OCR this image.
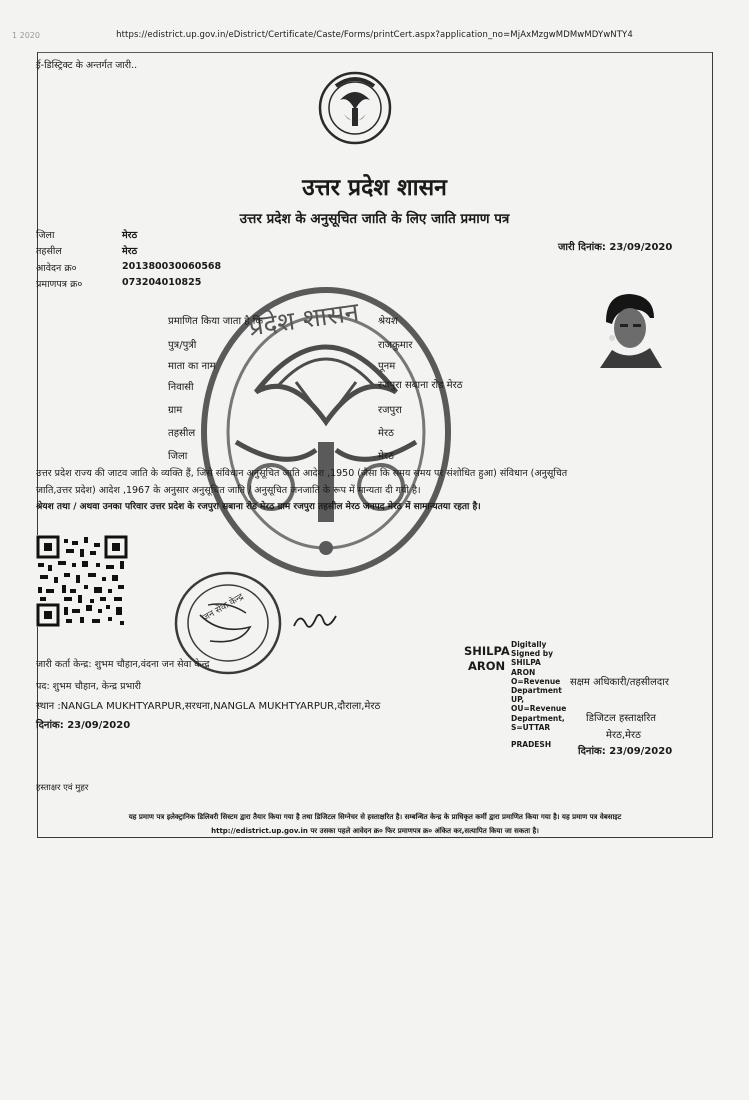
1 2020	https://edistrict.up.gov.in/eDistrict/Certificate/Caste/Forms/printCert.aspx?application_no=MjAxMzgwMDMwMDYwNTY4
ई-डिस्ट्रिक्ट के अन्तर्गत जारी..
उत्तर प्रदेश शासन
उत्तर प्रदेश के अनुसूचित जाति के लिए जाति प्रमाण पत्र
जिला	मेरठ
तहसील	मेरठ
आवेदन क्र०	201380030060568
प्रमाणपत्र क्र०	073204010825
जारी दिनांक: 23/09/2020
प्रदेश शासन
प्रमाणित किया जाता है कि	श्रेयश
पुत्र/पुत्री	राजकुमार
माता का नाम	पूनम
निवासी	रजपुरा सबाना रोड मेरठ
ग्राम	रजपुरा
तहसील	मेरठ
जिला	मेरठ
उत्तर प्रदेश राज्य की जाटव जाति के व्यक्ति हैं, जिसे संविधान अनुसूचित जाति आदेश ,1950 (जैसा कि समय समय पर संशोधित हुआ) संविधान (अनुसूचित
जाति,उत्तर प्रदेश) आदेश ,1967 के अनुसार अनुसूचित जाति / अनुसूचित जनजाति के रूप में मान्यता दी गयी है।
श्रेयश तथा / अथवा उनका परिवार उत्तर प्रदेश के रजपुरा सबाना रोड मेरठ ग्राम रजपुरा तहसील मेरठ जनपद मेरठ में सामान्यतया रहता है।
जन सेवा केन्द्र
जारी कर्ता केन्द्र: शुभम चौहान,वंदना जन सेवा केन्द्र
पद: शुभम चौहान, केन्द्र प्रभारी
स्थान :NANGLA MUKHTYARPUR,सरधना,NANGLA MUKHTYARPUR,दौराला,मेरठ
दिनांक: 23/09/2020
हस्ताक्षर एवं मुहर
SHILPA
ARON
Digitally
Signed by
SHILPA
ARON
O=Revenue
Department
UP,
OU=Revenue
Department,
S=UTTAR
PRADESH
सक्षम अधिकारी/तहसीलदार
डिजिटल हस्ताक्षरित
मेरठ,मेरठ
दिनांक: 23/09/2020
यह प्रमाण पत्र इलेक्ट्रानिक डिलिवरी सिस्टम द्वारा तैयार किया गया है तथा डिजिटल सिग्नेचर से हस्ताक्षरित है। सम्बन्धित केन्द्र के प्राधिकृत कर्मी द्वारा प्रमाणित किया गया है। यह प्रमाण पत्र वेबसाइट
http://edistrict.up.gov.in पर उसका पहले आवेदन क्र० फिर प्रमाणपत्र क्र० अंकित कर,सत्यापित किया जा सकता है।
